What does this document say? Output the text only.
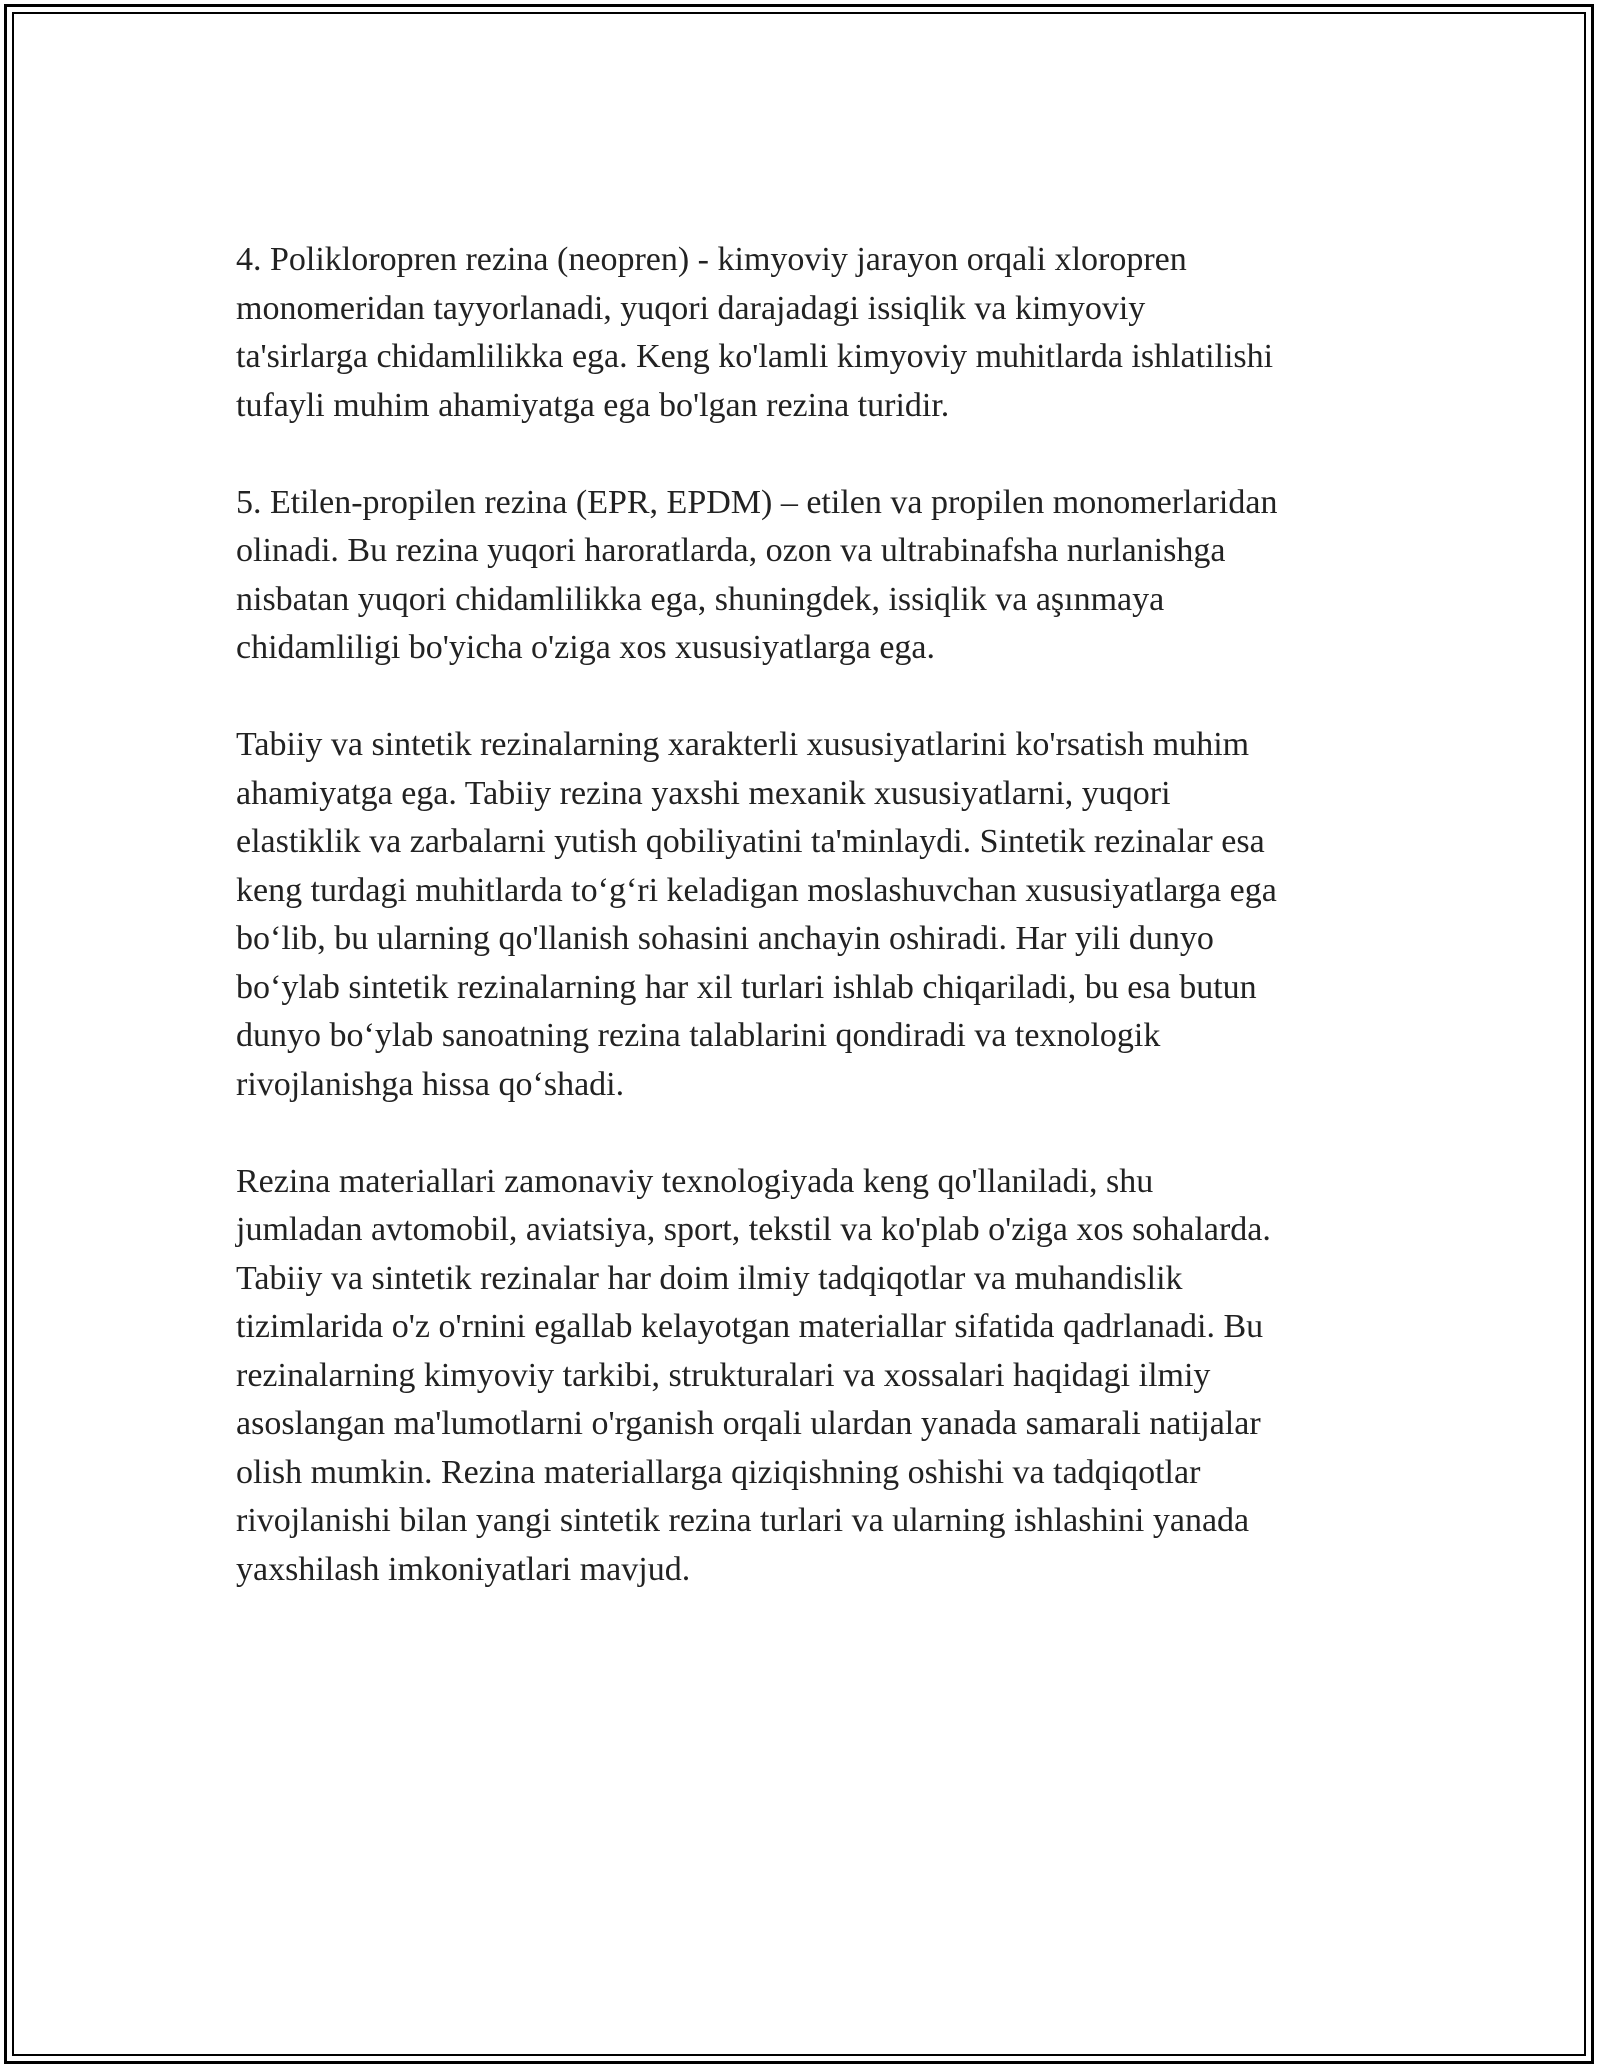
4. Polikloropren rezina (neopren) - kimyoviy jarayon orqali xloropren
monomeridan tayyorlanadi, yuqori darajadagi issiqlik va kimyoviy
ta'sirlarga chidamlilikka ega. Keng ko'lamli kimyoviy muhitlarda ishlatilishi
tufayli muhim ahamiyatga ega bo'lgan rezina turidir.

5. Etilen-propilen rezina (EPR, EPDM) – etilen va propilen monomerlaridan
olinadi. Bu rezina yuqori haroratlarda, ozon va ultrabinafsha nurlanishga
nisbatan yuqori chidamlilikka ega, shuningdek, issiqlik va aşınmaya
chidamliligi bo'yicha o'ziga xos xususiyatlarga ega.

Tabiiy va sintetik rezinalarning xarakterli xususiyatlarini ko'rsatish muhim
ahamiyatga ega. Tabiiy rezina yaxshi mexanik xususiyatlarni, yuqori
elastiklik va zarbalarni yutish qobiliyatini ta'minlaydi. Sintetik rezinalar esa
keng turdagi muhitlarda to‘g‘ri keladigan moslashuvchan xususiyatlarga ega
bo‘lib, bu ularning qo'llanish sohasini anchayin oshiradi. Har yili dunyo
bo‘ylab sintetik rezinalarning har xil turlari ishlab chiqariladi, bu esa butun
dunyo bo‘ylab sanoatning rezina talablarini qondiradi va texnologik
rivojlanishga hissa qo‘shadi.

Rezina materiallari zamonaviy texnologiyada keng qo'llaniladi, shu
jumladan avtomobil, aviatsiya, sport, tekstil va ko'plab o'ziga xos sohalarda.
Tabiiy va sintetik rezinalar har doim ilmiy tadqiqotlar va muhandislik
tizimlarida o'z o'rnini egallab kelayotgan materiallar sifatida qadrlanadi. Bu
rezinalarning kimyoviy tarkibi, strukturalari va xossalari haqidagi ilmiy
asoslangan ma'lumotlarni o'rganish orqali ulardan yanada samarali natijalar
olish mumkin. Rezina materiallarga qiziqishning oshishi va tadqiqotlar
rivojlanishi bilan yangi sintetik rezina turlari va ularning ishlashini yanada
yaxshilash imkoniyatlari mavjud.
